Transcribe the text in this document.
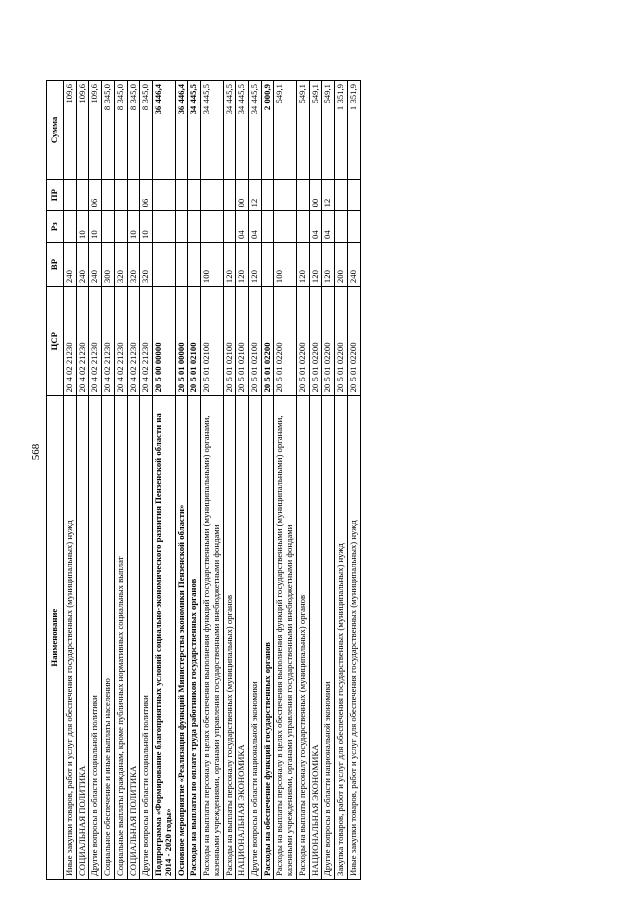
568
Наименование	ЦСР	ВР	Рз	ПР	Сумма
Иные закупки товаров, работ и услуг для обеспечения государственных (муниципальных) нужд	20 4 02 21230	240			109,6
СОЦИАЛЬНАЯ ПОЛИТИКА	20 4 02 21230	240	10		109,6
Другие вопросы в области социальной политики	20 4 02 21230	240	10	06	109,6
Социальное обеспечение и иные выплаты населению	20 4 02 21230	300			8 345,0
Социальные выплаты гражданам, кроме публичных нормативных социальных выплат	20 4 02 21230	320			8 345,0
СОЦИАЛЬНАЯ ПОЛИТИКА	20 4 02 21230	320	10		8 345,0
Другие вопросы в области социальной политики	20 4 02 21230	320	10	06	8 345,0
Подпрограмма «Формирование благоприятных условий социально-экономического развития Пензенской области на 2014 - 2020 годы»	20 5 00 00000				36 446,4
Основное мероприятие «Реализация функций Министерства экономики Пензенской области»	20 5 01 00000				36 446,4
Расходы на выплаты по оплате труда работников государственных органов	20 5 01 02100				34 445,5
Расходы на выплаты персоналу в целях обеспечения выполнения функций государственными (муниципальными) органами, казенными учреждениями, органами управления государственными внебюджетными фондами	20 5 01 02100	100			34 445,5
Расходы на выплаты персоналу государственных (муниципальных) органов	20 5 01 02100	120			34 445,5
НАЦИОНАЛЬНАЯ ЭКОНОМИКА	20 5 01 02100	120	04	00	34 445,5
Другие вопросы в области национальной экономики	20 5 01 02100	120	04	12	34 445,5
Расходы на обеспечение функций государственных органов	20 5 01 02200				2 000,9
Расходы на выплаты персоналу в целях обеспечения выполнения функций государственными (муниципальными) органами, казенными учреждениями, органами управления государственными внебюджетными фондами	20 5 01 02200	100			549,1
Расходы на выплаты персоналу государственных (муниципальных) органов	20 5 01 02200	120			549,1
НАЦИОНАЛЬНАЯ ЭКОНОМИКА	20 5 01 02200	120	04	00	549,1
Другие вопросы в области национальной экономики	20 5 01 02200	120	04	12	549,1
Закупка товаров, работ и услуг для обеспечения государственных (муниципальных) нужд	20 5 01 02200	200			1 351,9
Иные закупки товаров, работ и услуг для обеспечения государственных (муниципальных) нужд	20 5 01 02200	240			1 351,9
